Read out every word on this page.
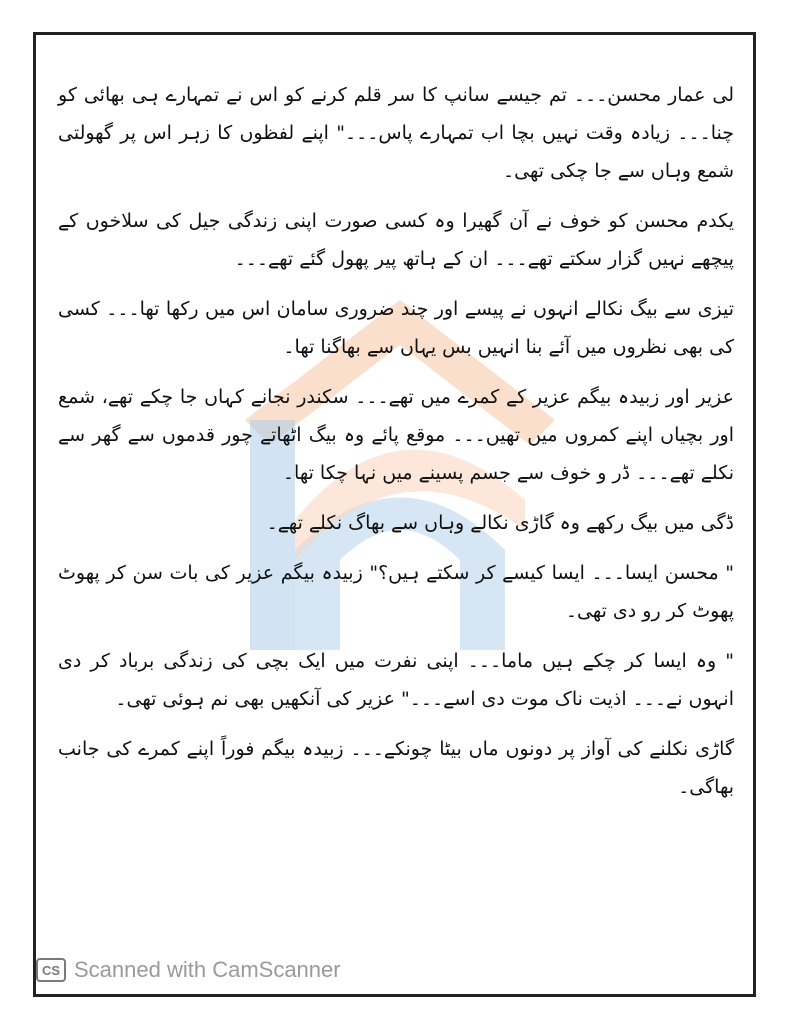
لی عمار محسن۔۔۔ تم جیسے سانپ کا سر قلم کرنے کو اس نے تمہارے ہی بھائی کو چنا۔۔۔ زیادہ وقت نہیں بچا اب تمہارے پاس۔۔۔" اپنے لفظوں کا زہر اس پر گھولتی شمع وہاں سے جا چکی تھی۔

یکدم محسن کو خوف نے آن گھیرا وہ کسی صورت اپنی زندگی جیل کی سلاخوں کے پیچھے نہیں گزار سکتے تھے۔۔۔ ان کے ہاتھ پیر پھول گئے تھے۔۔۔

تیزی سے بیگ نکالے انہوں نے پیسے اور چند ضروری سامان اس میں رکھا تھا۔۔۔ کسی کی بھی نظروں میں آئے بنا انہیں بس یہاں سے بھاگنا تھا۔

عزیر اور زبیدہ بیگم عزیر کے کمرے میں تھے۔۔۔ سکندر نجانے کہاں جا چکے تھے، شمع اور بچیاں اپنے کمروں میں تھیں۔۔۔ موقع پائے وہ بیگ اٹھاتے چور قدموں سے گھر سے نکلے تھے۔۔۔ ڈر و خوف سے جسم پسینے میں نہا چکا تھا۔

ڈگی میں بیگ رکھے وہ گاڑی نکالے وہاں سے بھاگ نکلے تھے۔

" محسن ایسا۔۔۔ ایسا کیسے کر سکتے ہیں؟" زبیدہ بیگم عزیر کی بات سن کر پھوٹ پھوٹ کر رو دی تھی۔

" وہ ایسا کر چکے ہیں ماما۔۔۔ اپنی نفرت میں ایک بچی کی زندگی برباد کر دی انہوں نے۔۔۔ اذیت ناک موت دی اسے۔۔۔" عزیر کی آنکھیں بھی نم ہوئی تھی۔

گاڑی نکلنے کی آواز پر دونوں ماں بیٹا چونکے۔۔۔ زبیدہ بیگم فوراً اپنے کمرے کی جانب بھاگی۔

CS Scanned with CamScanner
